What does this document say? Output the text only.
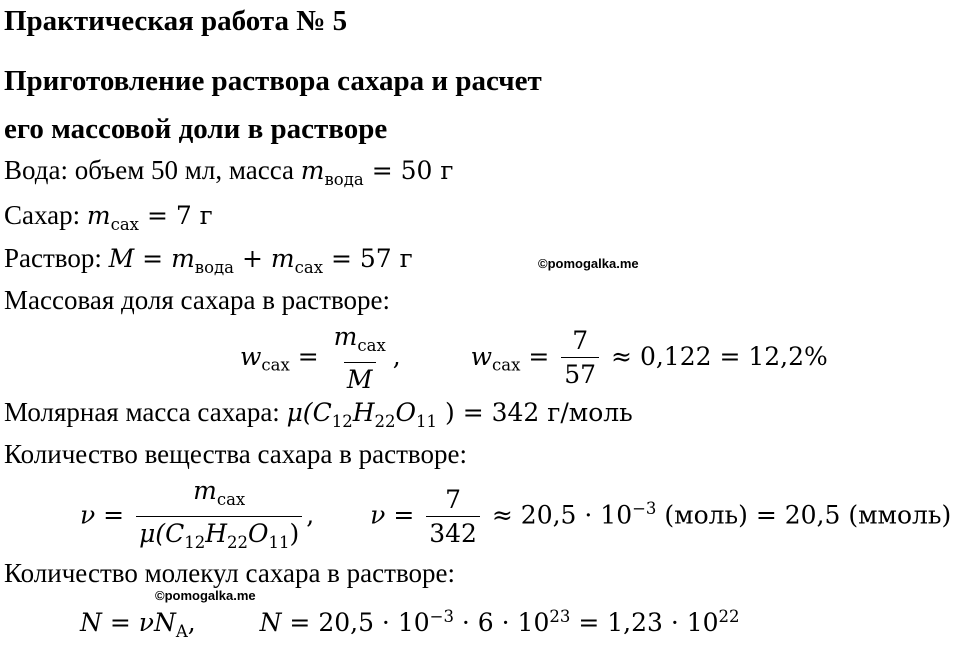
Практическая работа № 5
Приготовление раствора сахара и расчет
его массовой доли в растворе
Вода: объем 50 мл, масса $m_{вода} = 50$ г
Сахар: $m_{сах} = 7$ г
Раствор: $M = m_{вода} + m_{сах} = 57$ г	©pomogalka.me
Массовая доля сахара в растворе:
$w_{сах} = \frac{m_{сах}}{M}$ ,	$w_{сах} = \frac{7}{57} \approx 0,122 = 12,2\%$
Молярная масса сахара: $\mu(C_{12}H_{22}O_{11}$ ) = 342 г/моль
Количество вещества сахара в растворе:
$\nu = \frac{m_{сах}}{\mu(C_{12}H_{22}O_{11})}$ , $\nu = \frac{7}{342} \approx 20,5 \cdot 10^{-3}$ (моль) = 20,5 (ммоль)
Количество молекул сахара в растворе:
©pomogalka.me
$N = \nu N_A$,	$N = 20,5 \cdot 10^{-3} \cdot 6 \cdot 10^{23} = 1,23 \cdot 10^{22}$
